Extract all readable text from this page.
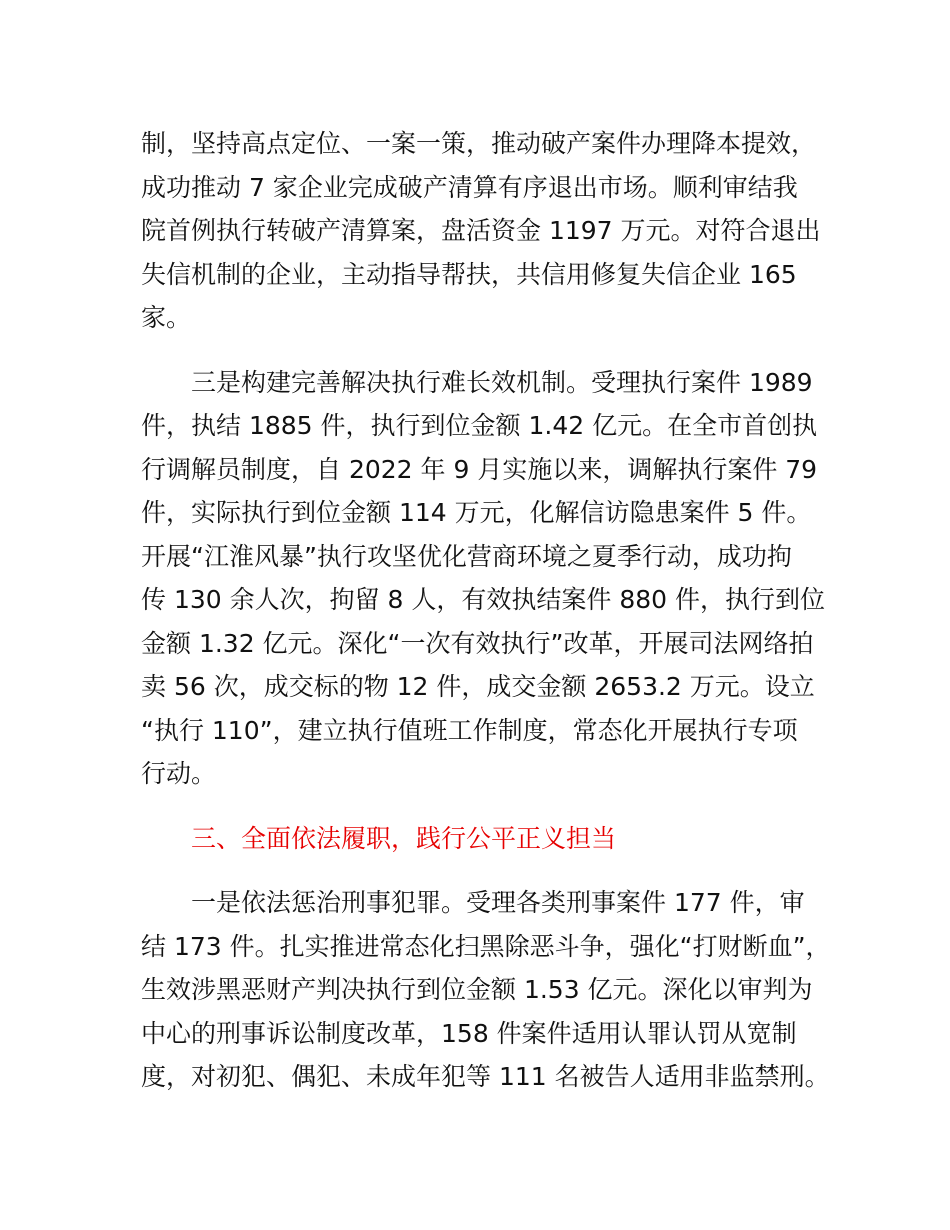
制，坚持高点定位、一案一策，推动破产案件办理降本提效，
成功推动 7 家企业完成破产清算有序退出市场。顺利审结我
院首例执行转破产清算案，盘活资金 1197 万元。对符合退出
失信机制的企业，主动指导帮扶，共信用修复失信企业 165
家。
三是构建完善解决执行难长效机制。受理执行案件 1989
件，执结 1885 件，执行到位金额 1.42 亿元。在全市首创执
行调解员制度，自 2022 年 9 月实施以来，调解执行案件 79
件，实际执行到位金额 114 万元，化解信访隐患案件 5 件。
开展“江淮风暴”执行攻坚优化营商环境之夏季行动，成功拘
传 130 余人次，拘留 8 人，有效执结案件 880 件，执行到位
金额 1.32 亿元。深化“一次有效执行”改革，开展司法网络拍
卖 56 次，成交标的物 12 件，成交金额 2653.2 万元。设立
“执行 110”，建立执行值班工作制度，常态化开展执行专项
行动。
三、全面依法履职，践行公平正义担当
一是依法惩治刑事犯罪。受理各类刑事案件 177 件，审
结 173 件。扎实推进常态化扫黑除恶斗争，强化“打财断血”，
生效涉黑恶财产判决执行到位金额 1.53 亿元。深化以审判为
中心的刑事诉讼制度改革，158 件案件适用认罪认罚从宽制
度，对初犯、偶犯、未成年犯等 111 名被告人适用非监禁刑。
